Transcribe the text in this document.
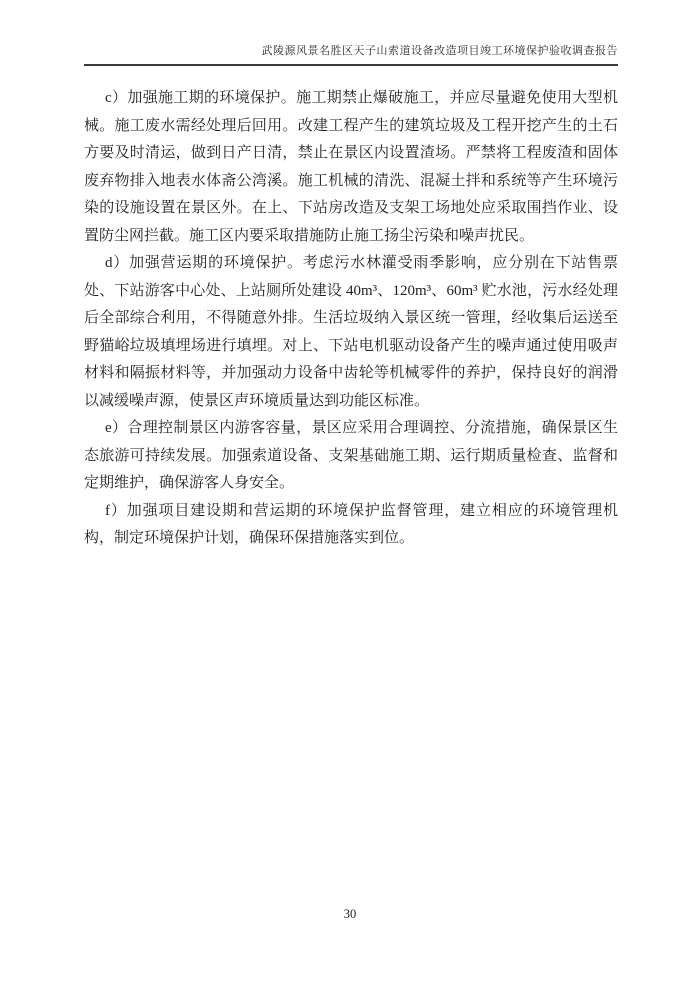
武陵源风景名胜区天子山索道设备改造项目竣工环境保护验收调查报告

c）加强施工期的环境保护。施工期禁止爆破施工，并应尽量避免使用大型机械。施工废水需经处理后回用。改建工程产生的建筑垃圾及工程开挖产生的土石方要及时清运，做到日产日清，禁止在景区内设置渣场。严禁将工程废渣和固体废弃物排入地表水体斋公湾溪。施工机械的清洗、混凝土拌和系统等产生环境污染的设施设置在景区外。在上、下站房改造及支架工场地处应采取围挡作业、设置防尘网拦截。施工区内要采取措施防止施工扬尘污染和噪声扰民。

d）加强营运期的环境保护。考虑污水林灌受雨季影响，应分别在下站售票处、下站游客中心处、上站厕所处建设 40m³、120m³、60m³ 贮水池，污水经处理后全部综合利用，不得随意外排。生活垃圾纳入景区统一管理，经收集后运送至野猫峪垃圾填埋场进行填埋。对上、下站电机驱动设备产生的噪声通过使用吸声材料和隔振材料等，并加强动力设备中齿轮等机械零件的养护，保持良好的润滑以减缓噪声源，使景区声环境质量达到功能区标准。

e）合理控制景区内游客容量，景区应采用合理调控、分流措施，确保景区生态旅游可持续发展。加强索道设备、支架基础施工期、运行期质量检查、监督和定期维护，确保游客人身安全。

f）加强项目建设期和营运期的环境保护监督管理，建立相应的环境管理机构，制定环境保护计划，确保环保措施落实到位。

30
